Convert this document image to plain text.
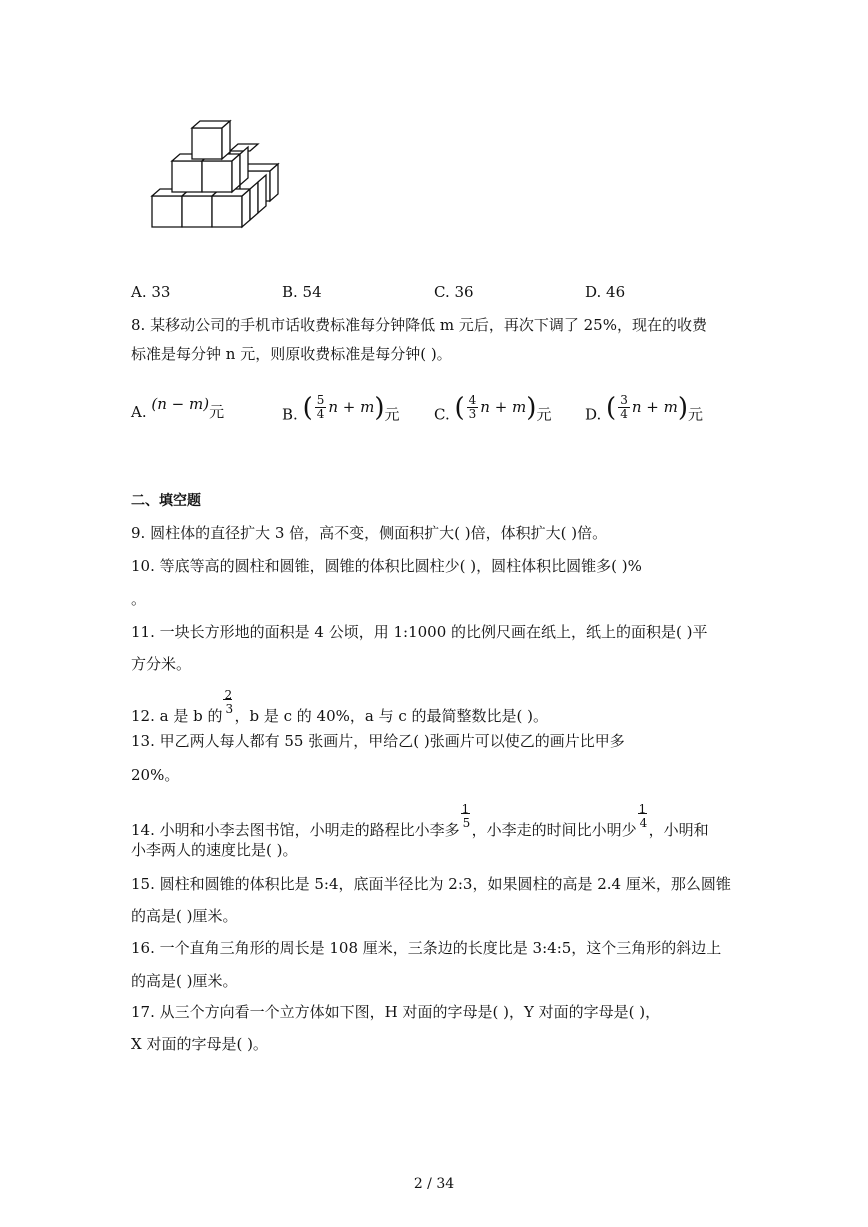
A. 33	B. 54	C. 36	D. 46
8. 某移动公司的手机市话收费标准每分钟降低 m 元后，再次下调了 25%，现在的收费
标准是每分钟 n 元，则原收费标准是每分钟( )。
A. (n − m)元	B. ( $\frac{5}{4}$ n + m)元 C. ( $\frac{4}{3}$ n + m)元 D. ( $\frac{3}{4}$ n + m)元
二、填空题
9. 圆柱体的直径扩大 3 倍，高不变，侧面积扩大( )倍，体积扩大( )倍。
10. 等底等高的圆柱和圆锥，圆锥的体积比圆柱少( )，圆柱体积比圆锥多( )%
。
11. 一块长方形地的面积是 4 公顷，用 1:1000 的比例尺画在纸上，纸上的面积是( )平
方分米。
12. a 是 b 的
2
3 ，b 是 c 的 40%，a 与 c 的最简整数比是( )。
13. 甲乙两人每人都有 55 张画片，甲给乙( )张画片可以使乙的画片比甲多
20%。
14. 小明和小李去图书馆，小明走的路程比小李多
1
5 ，小李走的时间比小明少
1
4 ，小明和
小李两人的速度比是( )。
15. 圆柱和圆锥的体积比是 5:4，底面半径比为 2:3，如果圆柱的高是 2.4 厘米，那么圆锥
的高是( )厘米。
16. 一个直角三角形的周长是 108 厘米，三条边的长度比是 3:4:5，这个三角形的斜边上
的高是( )厘米。
17. 从三个方向看一个立方体如下图，H 对面的字母是( )，Y 对面的字母是( )，
X 对面的字母是( )。
2 / 34
